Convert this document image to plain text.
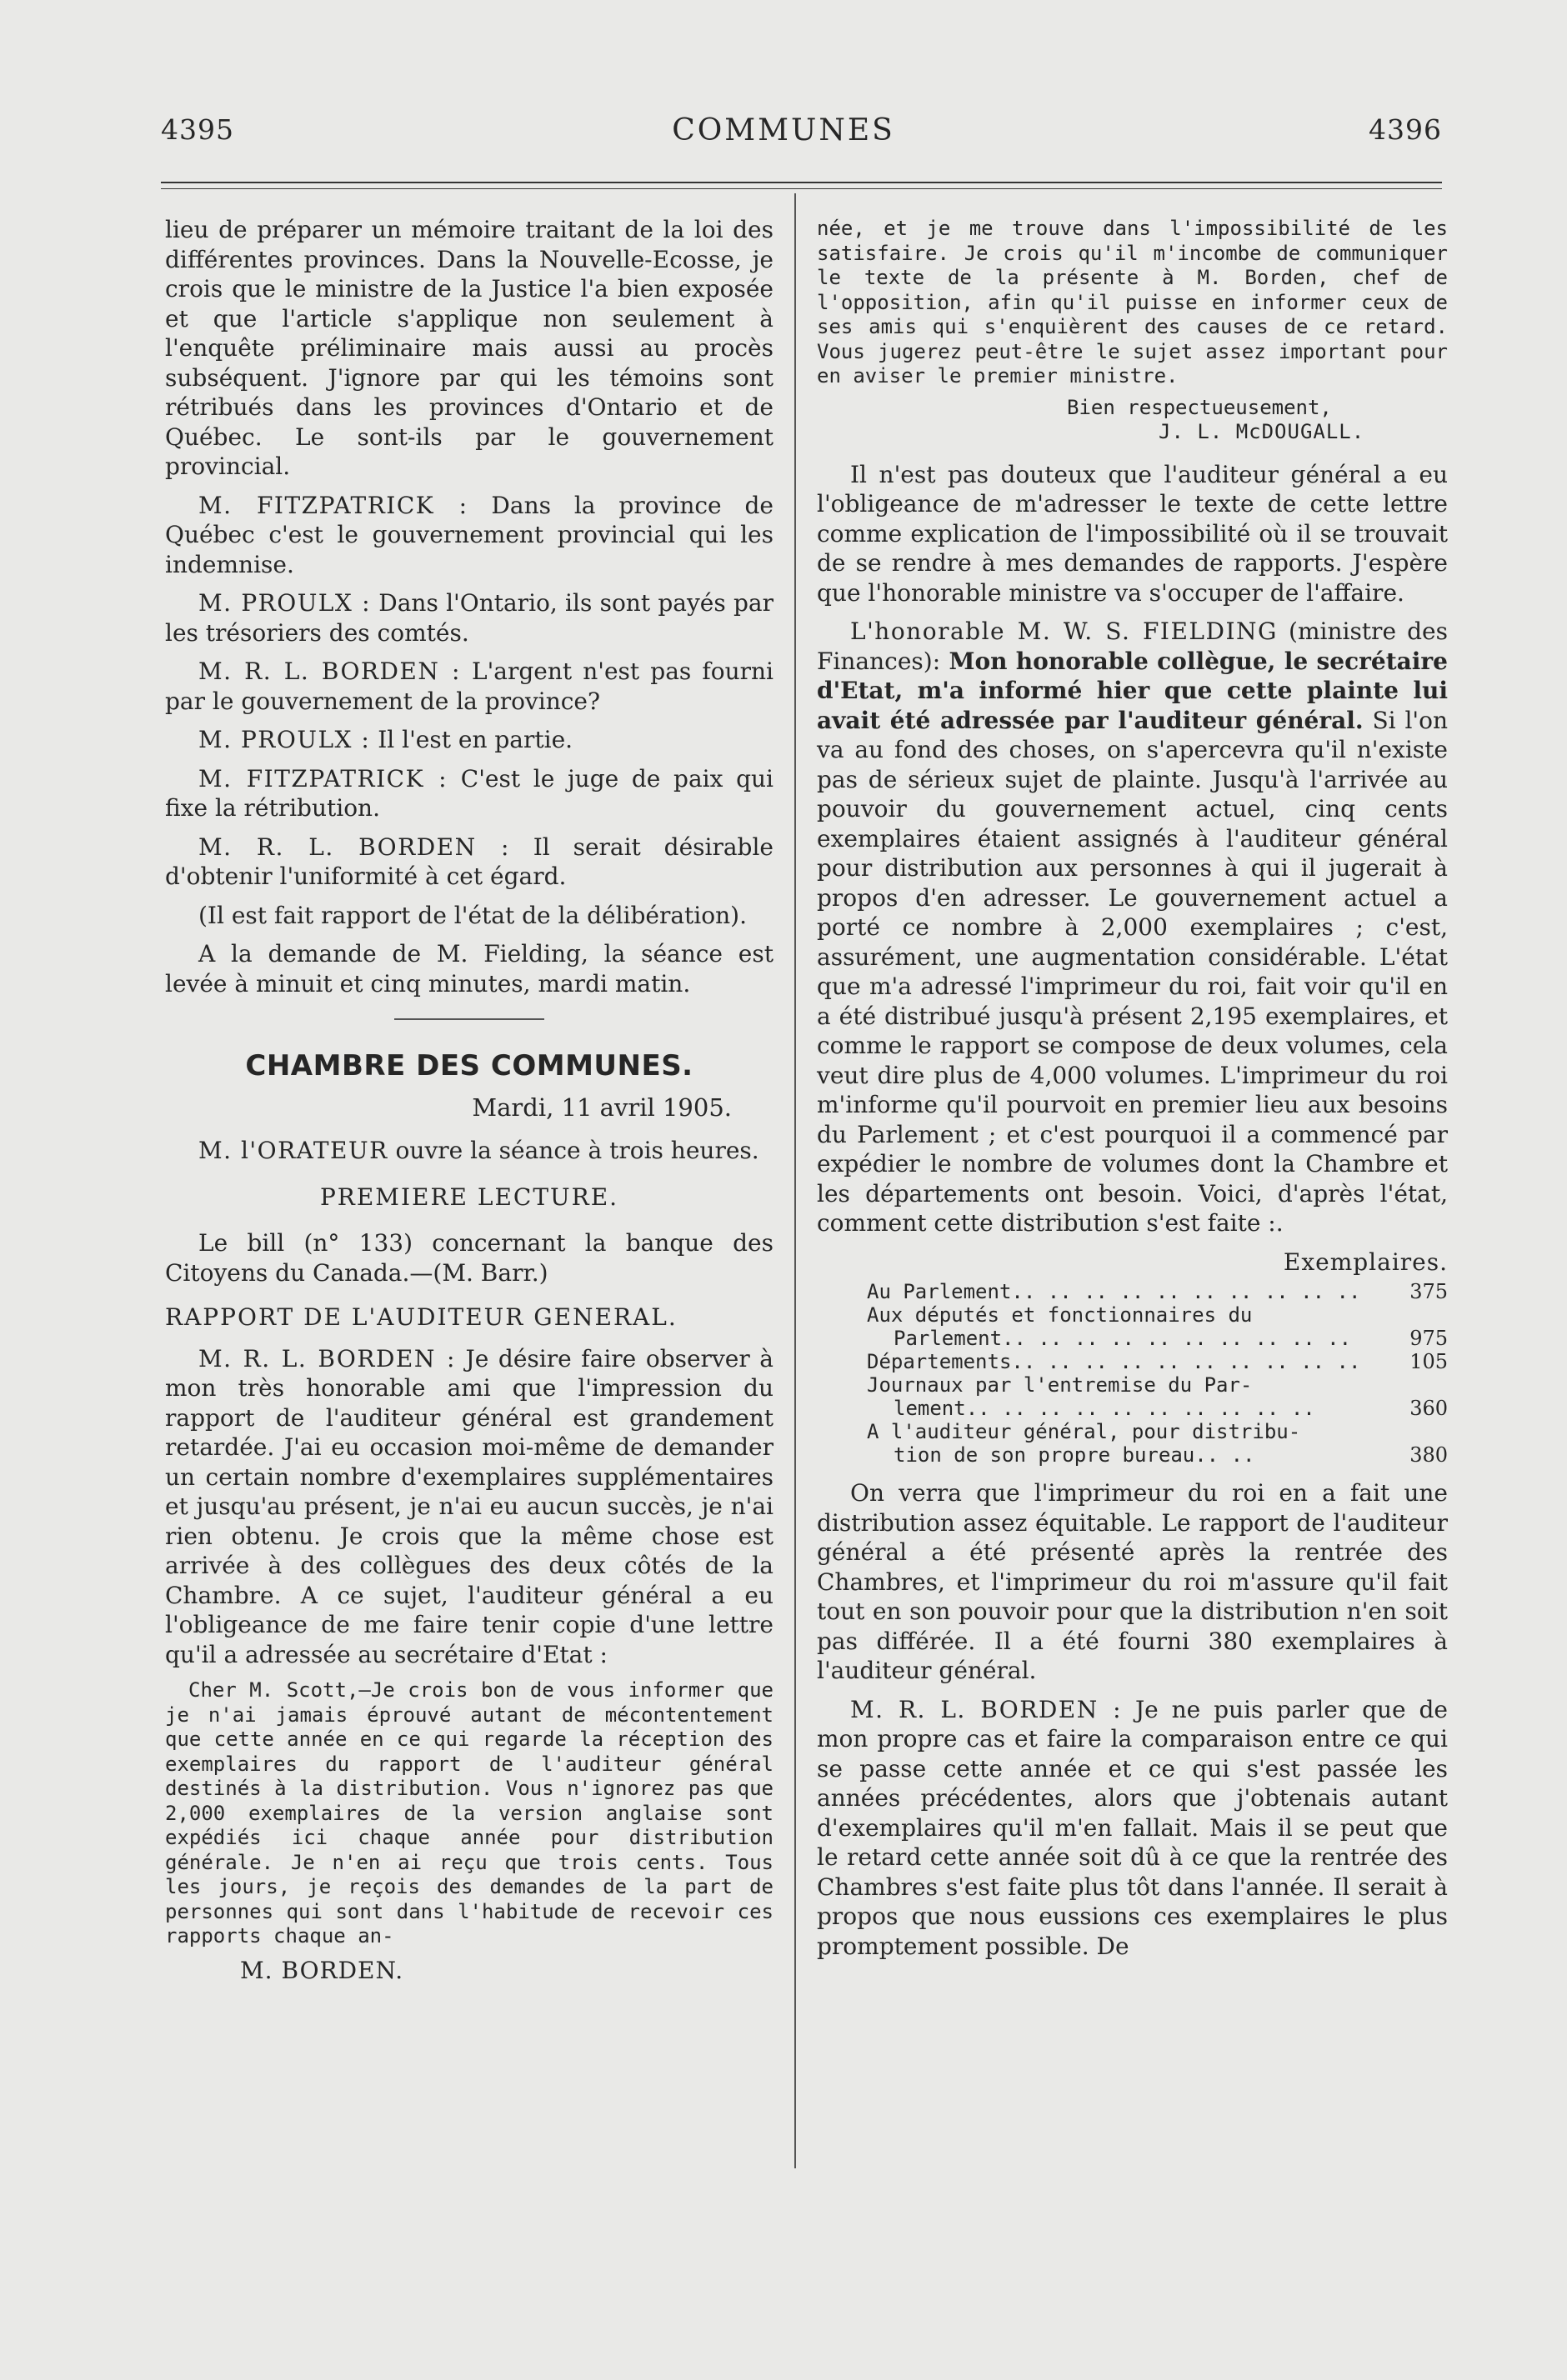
COMMUNES
4395	4396

lieu de préparer un mémoire traitant de la loi des différentes provinces. Dans la Nouvelle-Ecosse, je crois que le ministre de la Justice l'a bien exposée et que l'article s'applique non seulement à l'enquête préliminaire mais aussi au procès subséquent. J'ignore par qui les témoins sont rétribués dans les provinces d'Ontario et de Québec. Le sont-ils par le gouvernement provincial.

M. FITZPATRICK : Dans la province de Québec c'est le gouvernement provincial qui les indemnise.

M. PROULX : Dans l'Ontario, ils sont payés par les trésoriers des comtés.

M. R. L. BORDEN : L'argent n'est pas fourni par le gouvernement de la province?

M. PROULX : Il l'est en partie.

M. FITZPATRICK : C'est le juge de paix qui fixe la rétribution.

M. R. L. BORDEN : Il serait désirable d'obtenir l'uniformité à cet égard.

(Il est fait rapport de l'état de la délibération).

A la demande de M. Fielding, la séance est levée à minuit et cinq minutes, mardi matin.

CHAMBRE DES COMMUNES.
Mardi, 11 avril 1905.

M. l'ORATEUR ouvre la séance à trois heures.

PREMIERE LECTURE.

Le bill (n° 133) concernant la banque des Citoyens du Canada.—(M. Barr.)

RAPPORT DE L'AUDITEUR GENERAL.

M. R. L. BORDEN : Je désire faire observer à mon très honorable ami que l'impression du rapport de l'auditeur général est grandement retardée. J'ai eu occasion moi-même de demander un certain nombre d'exemplaires supplémentaires et jusqu'au présent, je n'ai eu aucun succès, je n'ai rien obtenu. Je crois que la même chose est arrivée à des collègues des deux côtés de la Chambre. A ce sujet, l'auditeur général a eu l'obligeance de me faire tenir copie d'une lettre qu'il a adressée au secrétaire d'Etat :

Cher M. Scott,—Je crois bon de vous informer que je n'ai jamais éprouvé autant de mécontentement que cette année en ce qui regarde la réception des exemplaires du rapport de l'auditeur général destinés à la distribution. Vous n'ignorez pas que 2,000 exemplaires de la version anglaise sont expédiés ici chaque année pour distribution générale. Je n'en ai reçu que trois cents. Tous les jours, je reçois des demandes de la part de personnes qui sont dans l'habitude de recevoir ces rapports chaque an-
M. BORDEN.
née, et je me trouve dans l'impossibilité de les satisfaire. Je crois qu'il m'incombe de communiquer le texte de la présente à M. Borden, chef de l'opposition, afin qu'il puisse en informer ceux de ses amis qui s'enquièrent des causes de ce retard. Vous jugerez peut-être le sujet assez important pour en aviser le premier ministre.
Bien respectueusement,
J. L. McDOUGALL.

Il n'est pas douteux que l'auditeur général a eu l'obligeance de m'adresser le texte de cette lettre comme explication de l'impossibilité où il se trouvait de se rendre à mes demandes de rapports. J'espère que l'honorable ministre va s'occuper de l'affaire.

L'honorable M. W. S. FIELDING (ministre des Finances): Mon honorable collègue, le secrétaire d'Etat, m'a informé hier que cette plainte lui avait été adressée par l'auditeur général. Si l'on va au fond des choses, on s'apercevra qu'il n'existe pas de sérieux sujet de plainte. Jusqu'à l'arrivée au pouvoir du gouvernement actuel, cinq cents exemplaires étaient assignés à l'auditeur général pour distribution aux personnes à qui il jugerait à propos d'en adresser. Le gouvernement actuel a porté ce nombre à 2,000 exemplaires ; c'est, assurément, une augmentation considérable. L'état que m'a adressé l'imprimeur du roi, fait voir qu'il en a été distribué jusqu'à présent 2,195 exemplaires, et comme le rapport se compose de deux volumes, cela veut dire plus de 4,000 volumes. L'imprimeur du roi m'informe qu'il pourvoit en premier lieu aux besoins du Parlement ; et c'est pourquoi il a commencé par expédier le nombre de volumes dont la Chambre et les départements ont besoin. Voici, d'après l'état, comment cette distribution s'est faite :.

Exemplaires.
Au Parlement.. .. .. .. .. .. .. .. .. ..	375
Aux députés et fonctionnaires du
Parlement.. .. .. .. .. .. .. .. .. ..	975
Départements.. .. .. .. .. .. .. .. .. ..	105
Journaux par l'entremise du Par-
lement.. .. .. .. .. .. .. .. .. ..	360
A l'auditeur général, pour distribu-
tion de son propre bureau.. ..	380

On verra que l'imprimeur du roi en a fait une distribution assez équitable. Le rapport de l'auditeur général a été présenté après la rentrée des Chambres, et l'imprimeur du roi m'assure qu'il fait tout en son pouvoir pour que la distribution n'en soit pas différée. Il a été fourni 380 exemplaires à l'auditeur général.

M. R. L. BORDEN : Je ne puis parler que de mon propre cas et faire la comparaison entre ce qui se passe cette année et ce qui s'est passée les années précédentes, alors que j'obtenais autant d'exemplaires qu'il m'en fallait. Mais il se peut que le retard cette année soit dû à ce que la rentrée des Chambres s'est faite plus tôt dans l'année. Il serait à propos que nous eussions ces exemplaires le plus promptement possible. De
